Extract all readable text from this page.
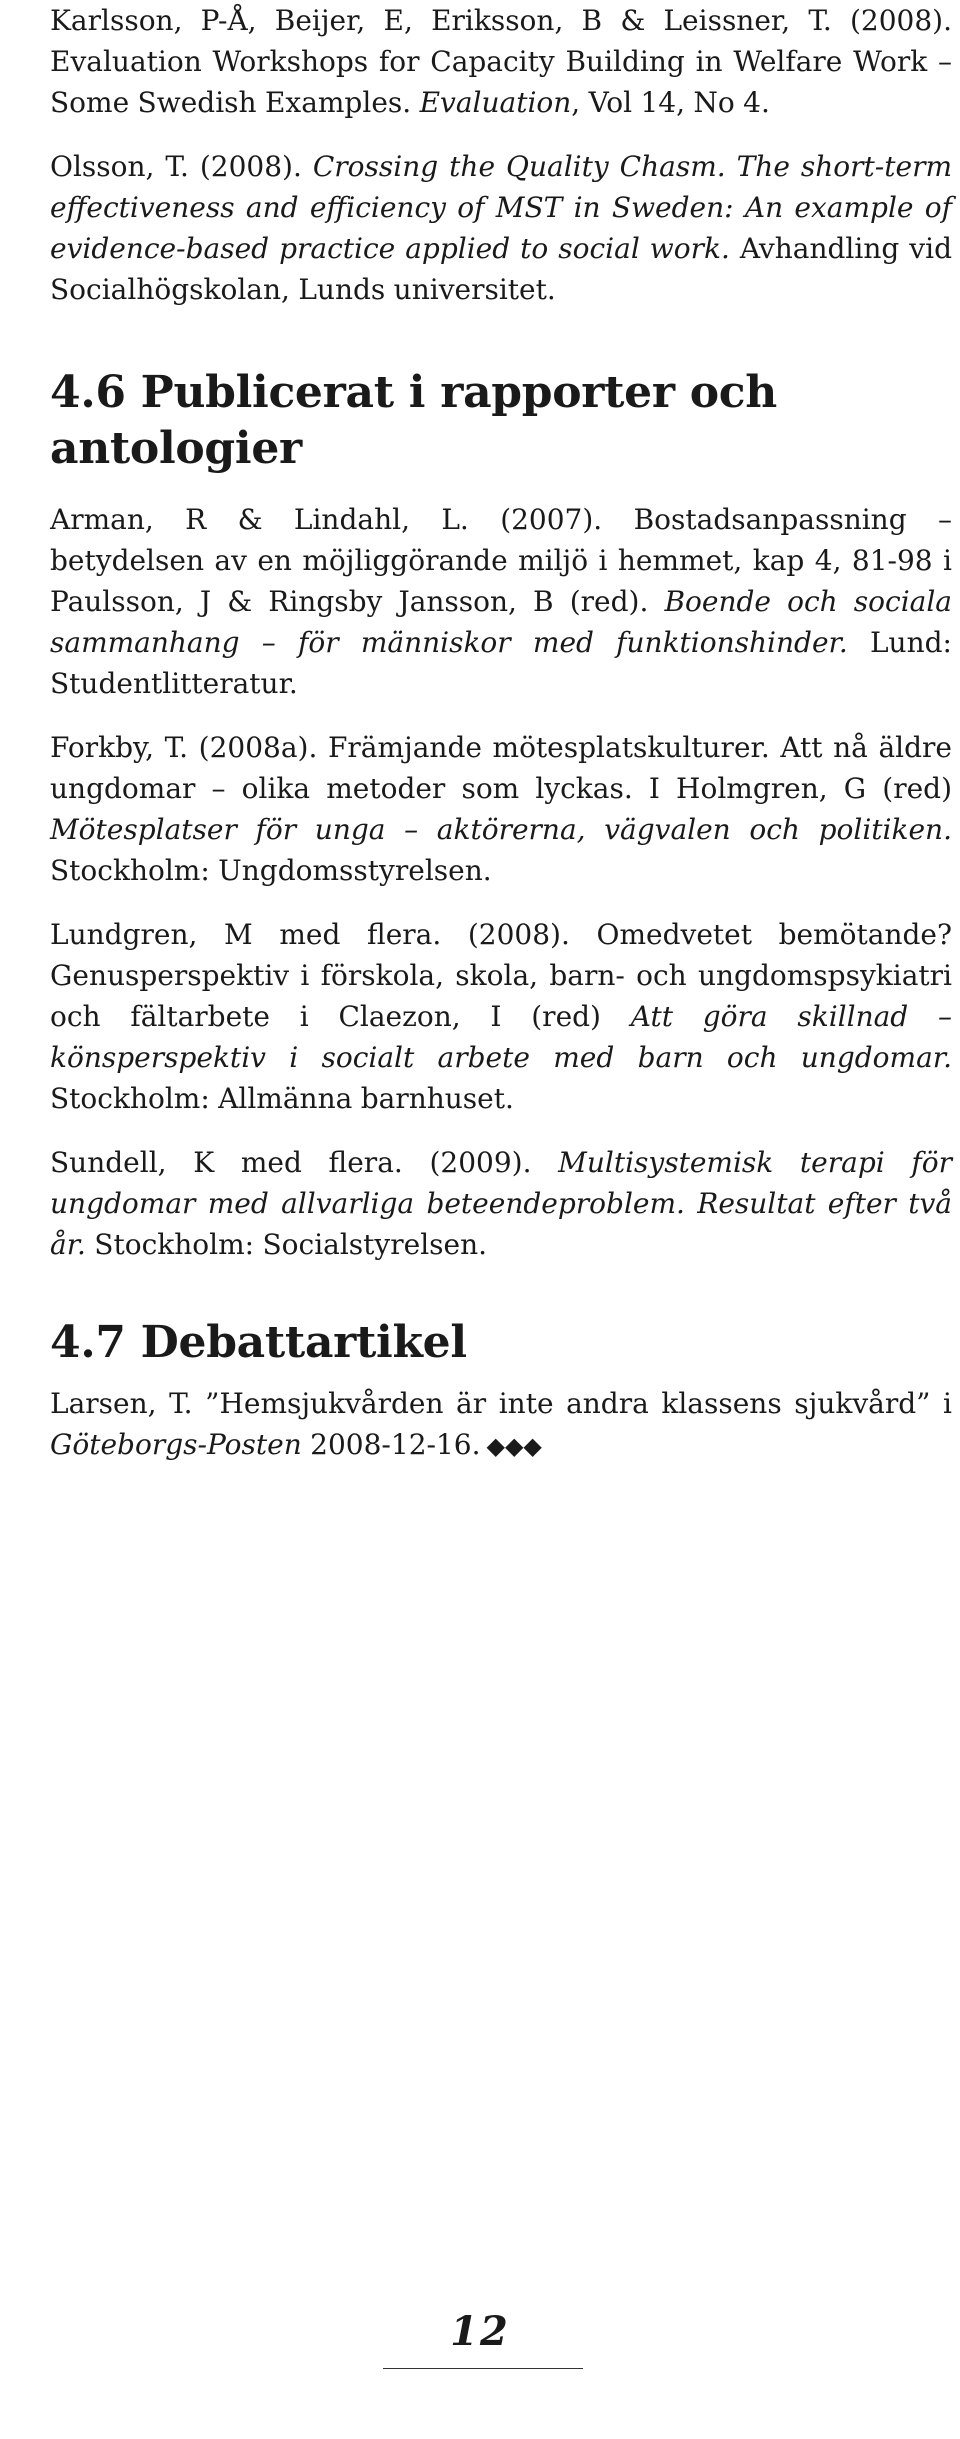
Karlsson, P-Å, Beijer, E, Eriksson, B & Leissner, T. (2008). Evaluation Workshops for Capacity Building in Welfare Work – Some Swedish Examples. Evaluation, Vol 14, No 4.

Olsson, T. (2008). Crossing the Quality Chasm. The short-term effectiveness and efficiency of MST in Sweden: An example of evidence-based practice applied to social work. Avhandling vid Socialhögskolan, Lunds universitet.

4.6 Publicerat i rapporter och antologier

Arman, R & Lindahl, L. (2007). Bostadsanpassning – betydelsen av en möjliggörande miljö i hemmet, kap 4, 81-98 i Paulsson, J & Ringsby Jansson, B (red). Boende och sociala sammanhang – för människor med funktionshinder. Lund: Studentlitteratur.

Forkby, T. (2008a). Främjande mötesplatskulturer. Att nå äldre ungdomar – olika metoder som lyckas. I Holmgren, G (red) Mötesplatser för unga – aktörerna, vägvalen och politiken. Stockholm: Ungdomsstyrelsen.

Lundgren, M med flera. (2008). Omedvetet bemötande? Genusperspektiv i förskola, skola, barn- och ungdomspsykiatri och fältarbete i Claezon, I (red) Att göra skillnad – könsperspektiv i socialt arbete med barn och ungdomar. Stockholm: Allmänna barnhuset.

Sundell, K med flera. (2009). Multisystemisk terapi för ungdomar med allvarliga beteendeproblem. Resultat efter två år. Stockholm: Socialstyrelsen.

4.7 Debattartikel

Larsen, T. ”Hemsjukvården är inte andra klassens sjukvård” i Göteborgs-Posten 2008-12-16. ◆◆◆

12
